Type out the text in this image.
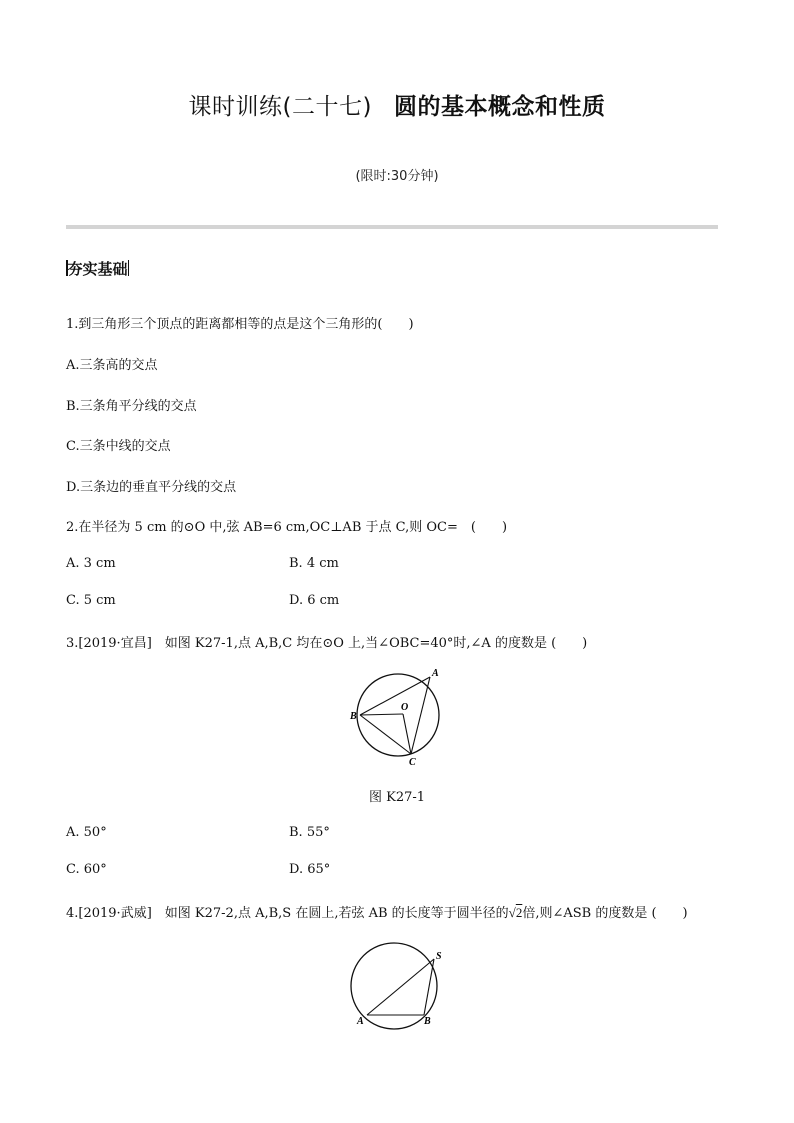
课时训练(二十七) 圆的基本概念和性质
(限时:30分钟)
夯实基础
1.到三角形三个顶点的距离都相等的点是这个三角形的(　　)
A.三条高的交点
B.三条角平分线的交点
C.三条中线的交点
D.三条边的垂直平分线的交点
2.在半径为 5 cm 的⊙O 中,弦 AB=6 cm,OC⊥AB 于点 C,则 OC=　(　　)
A. 3 cm	B. 4 cm
C. 5 cm	D. 6 cm
3.[2019·宜昌]　如图 K27-1,点 A,B,C 均在⊙O 上,当∠OBC=40°时,∠A 的度数是 (　　)
A
B
C
O
图 K27-1
A. 50°	B. 55°
C. 60°	D. 65°
4.[2019·武威]　如图 K27-2,点 A,B,S 在圆上,若弦 AB 的长度等于圆半径的√2倍,则∠ASB 的度数是 (　　)
A	B
S
